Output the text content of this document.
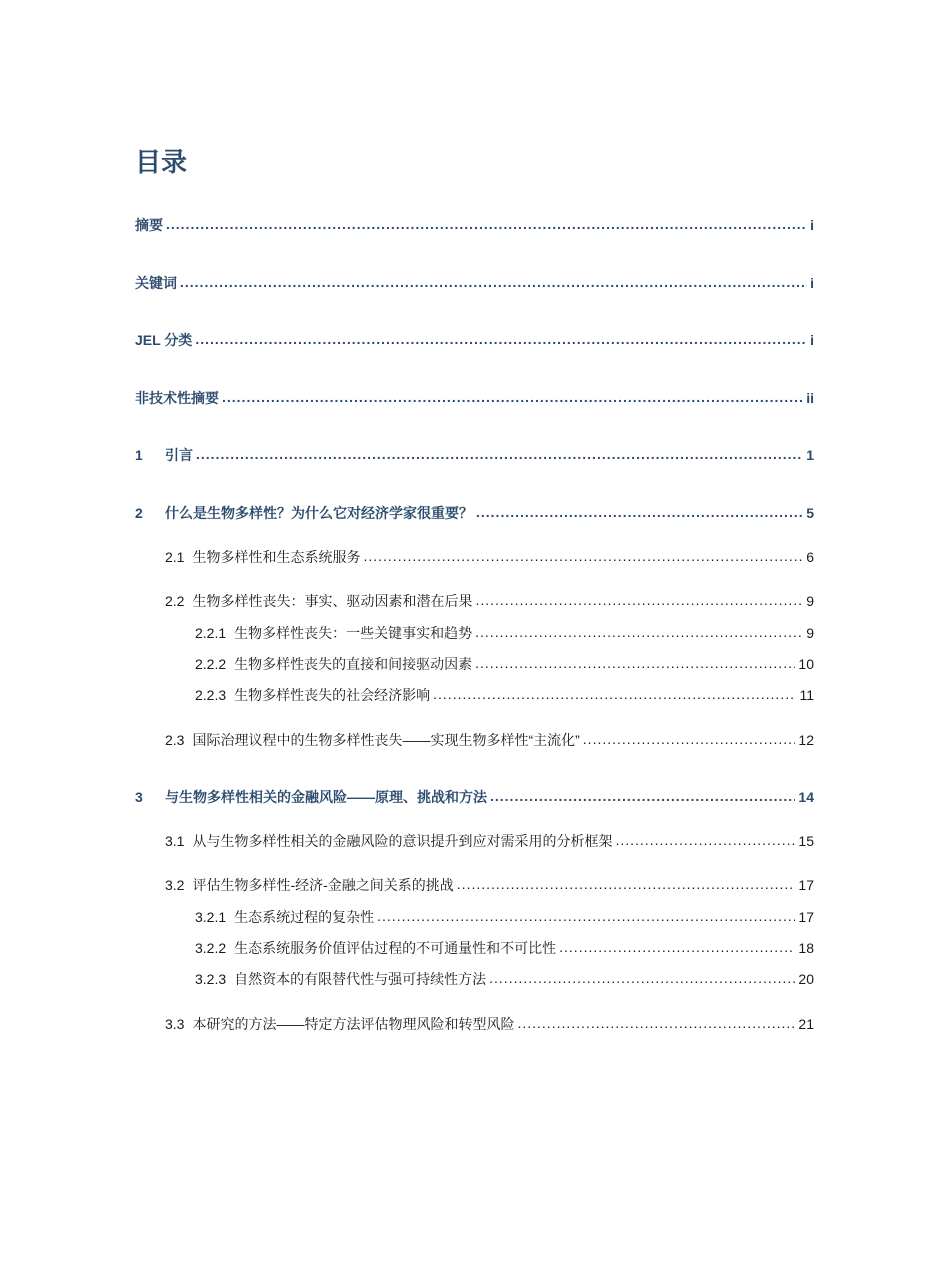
目录
摘要 .....	i
关键词 .....	i
JEL 分类 .....	i
非技术性摘要 .....	ii
1	引言 .....	1
2	什么是生物多样性？为什么它对经济学家很重要？ .....	5
2.1 生物多样性和生态系统服务 .....	6
2.2 生物多样性丧失：事实、驱动因素和潜在后果 .....	9
2.2.1 生物多样性丧失：一些关键事实和趋势 .....	9
2.2.2 生物多样性丧失的直接和间接驱动因素 .....	10
2.2.3 生物多样性丧失的社会经济影响 .....	11
2.3 国际治理议程中的生物多样性丧失——实现生物多样性“主流化” .....	12
3	与生物多样性相关的金融风险——原理、挑战和方法 .....	14
3.1 从与生物多样性相关的金融风险的意识提升到应对需采用的分析框架 .....	15
3.2 评估生物多样性-经济-金融之间关系的挑战 .....	17
3.2.1 生态系统过程的复杂性 .....	17
3.2.2 生态系统服务价值评估过程的不可通量性和不可比性 .....	18
3.2.3 自然资本的有限替代性与强可持续性方法 .....	20
3.3 本研究的方法——特定方法评估物理风险和转型风险 .....	21
